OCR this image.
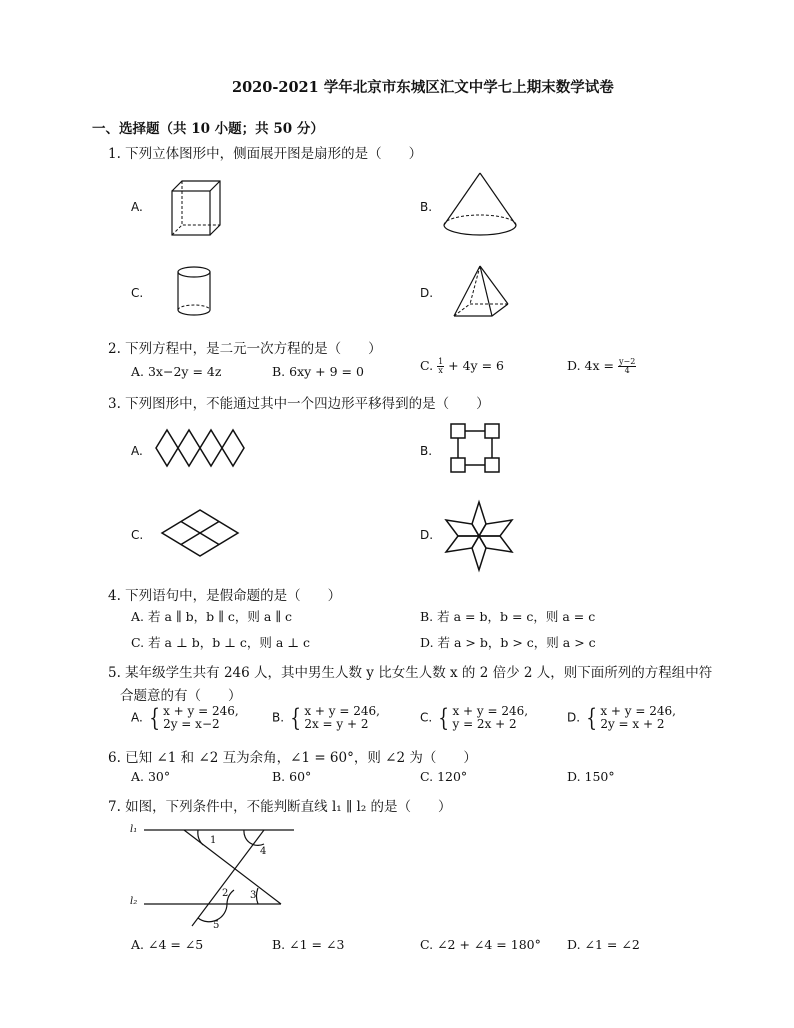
2020-2021 学年北京市东城区汇文中学七上期末数学试卷
一、选择题（共 10 小题；共 50 分）
1. 下列立体图形中，侧面展开图是扇形的是（　　）
A.	B.
C.	D.
2. 下列方程中，是二元一次方程的是（　　）
A. 3x−2y = 4z	B. 6xy + 9 = 0	C. $\frac{1}{x} + 4y = 6$	D. $4x = \frac{y-2}{4}$
3. 下列图形中，不能通过其中一个四边形平移得到的是（　　）
A.	B.
C.	D.
4. 下列语句中，是假命题的是（　　）
A. 若 a ∥ b，b ∥ c，则 a ∥ c	B. 若 a = b，b = c，则 a = c
C. 若 a ⊥ b，b ⊥ c，则 a ⊥ c	D. 若 a > b，b > c，则 a > c
5. 某年级学生共有 246 人，其中男生人数 y 比女生人数 x 的 2 倍少 2 人，则下面所列的方程组中符
合题意的有（　　）
A. { x + y = 246,
2y = x−2	B. { x + y = 246,
2x = y + 2	C. { x + y = 246,
y = 2x + 2	D. { x + y = 246,
2y = x + 2
6. 已知 ∠1 和 ∠2 互为余角，∠1 = 60°，则 ∠2 为（　　）
A. 30°	B. 60°	C. 120°	D. 150°
7. 如图，下列条件中，不能判断直线 l₁ ∥ l₂ 的是（　　）
l₁
l₂
1
4
2 3
5
A. ∠4 = ∠5	B. ∠1 = ∠3	C. ∠2 + ∠4 = 180° D. ∠1 = ∠2
